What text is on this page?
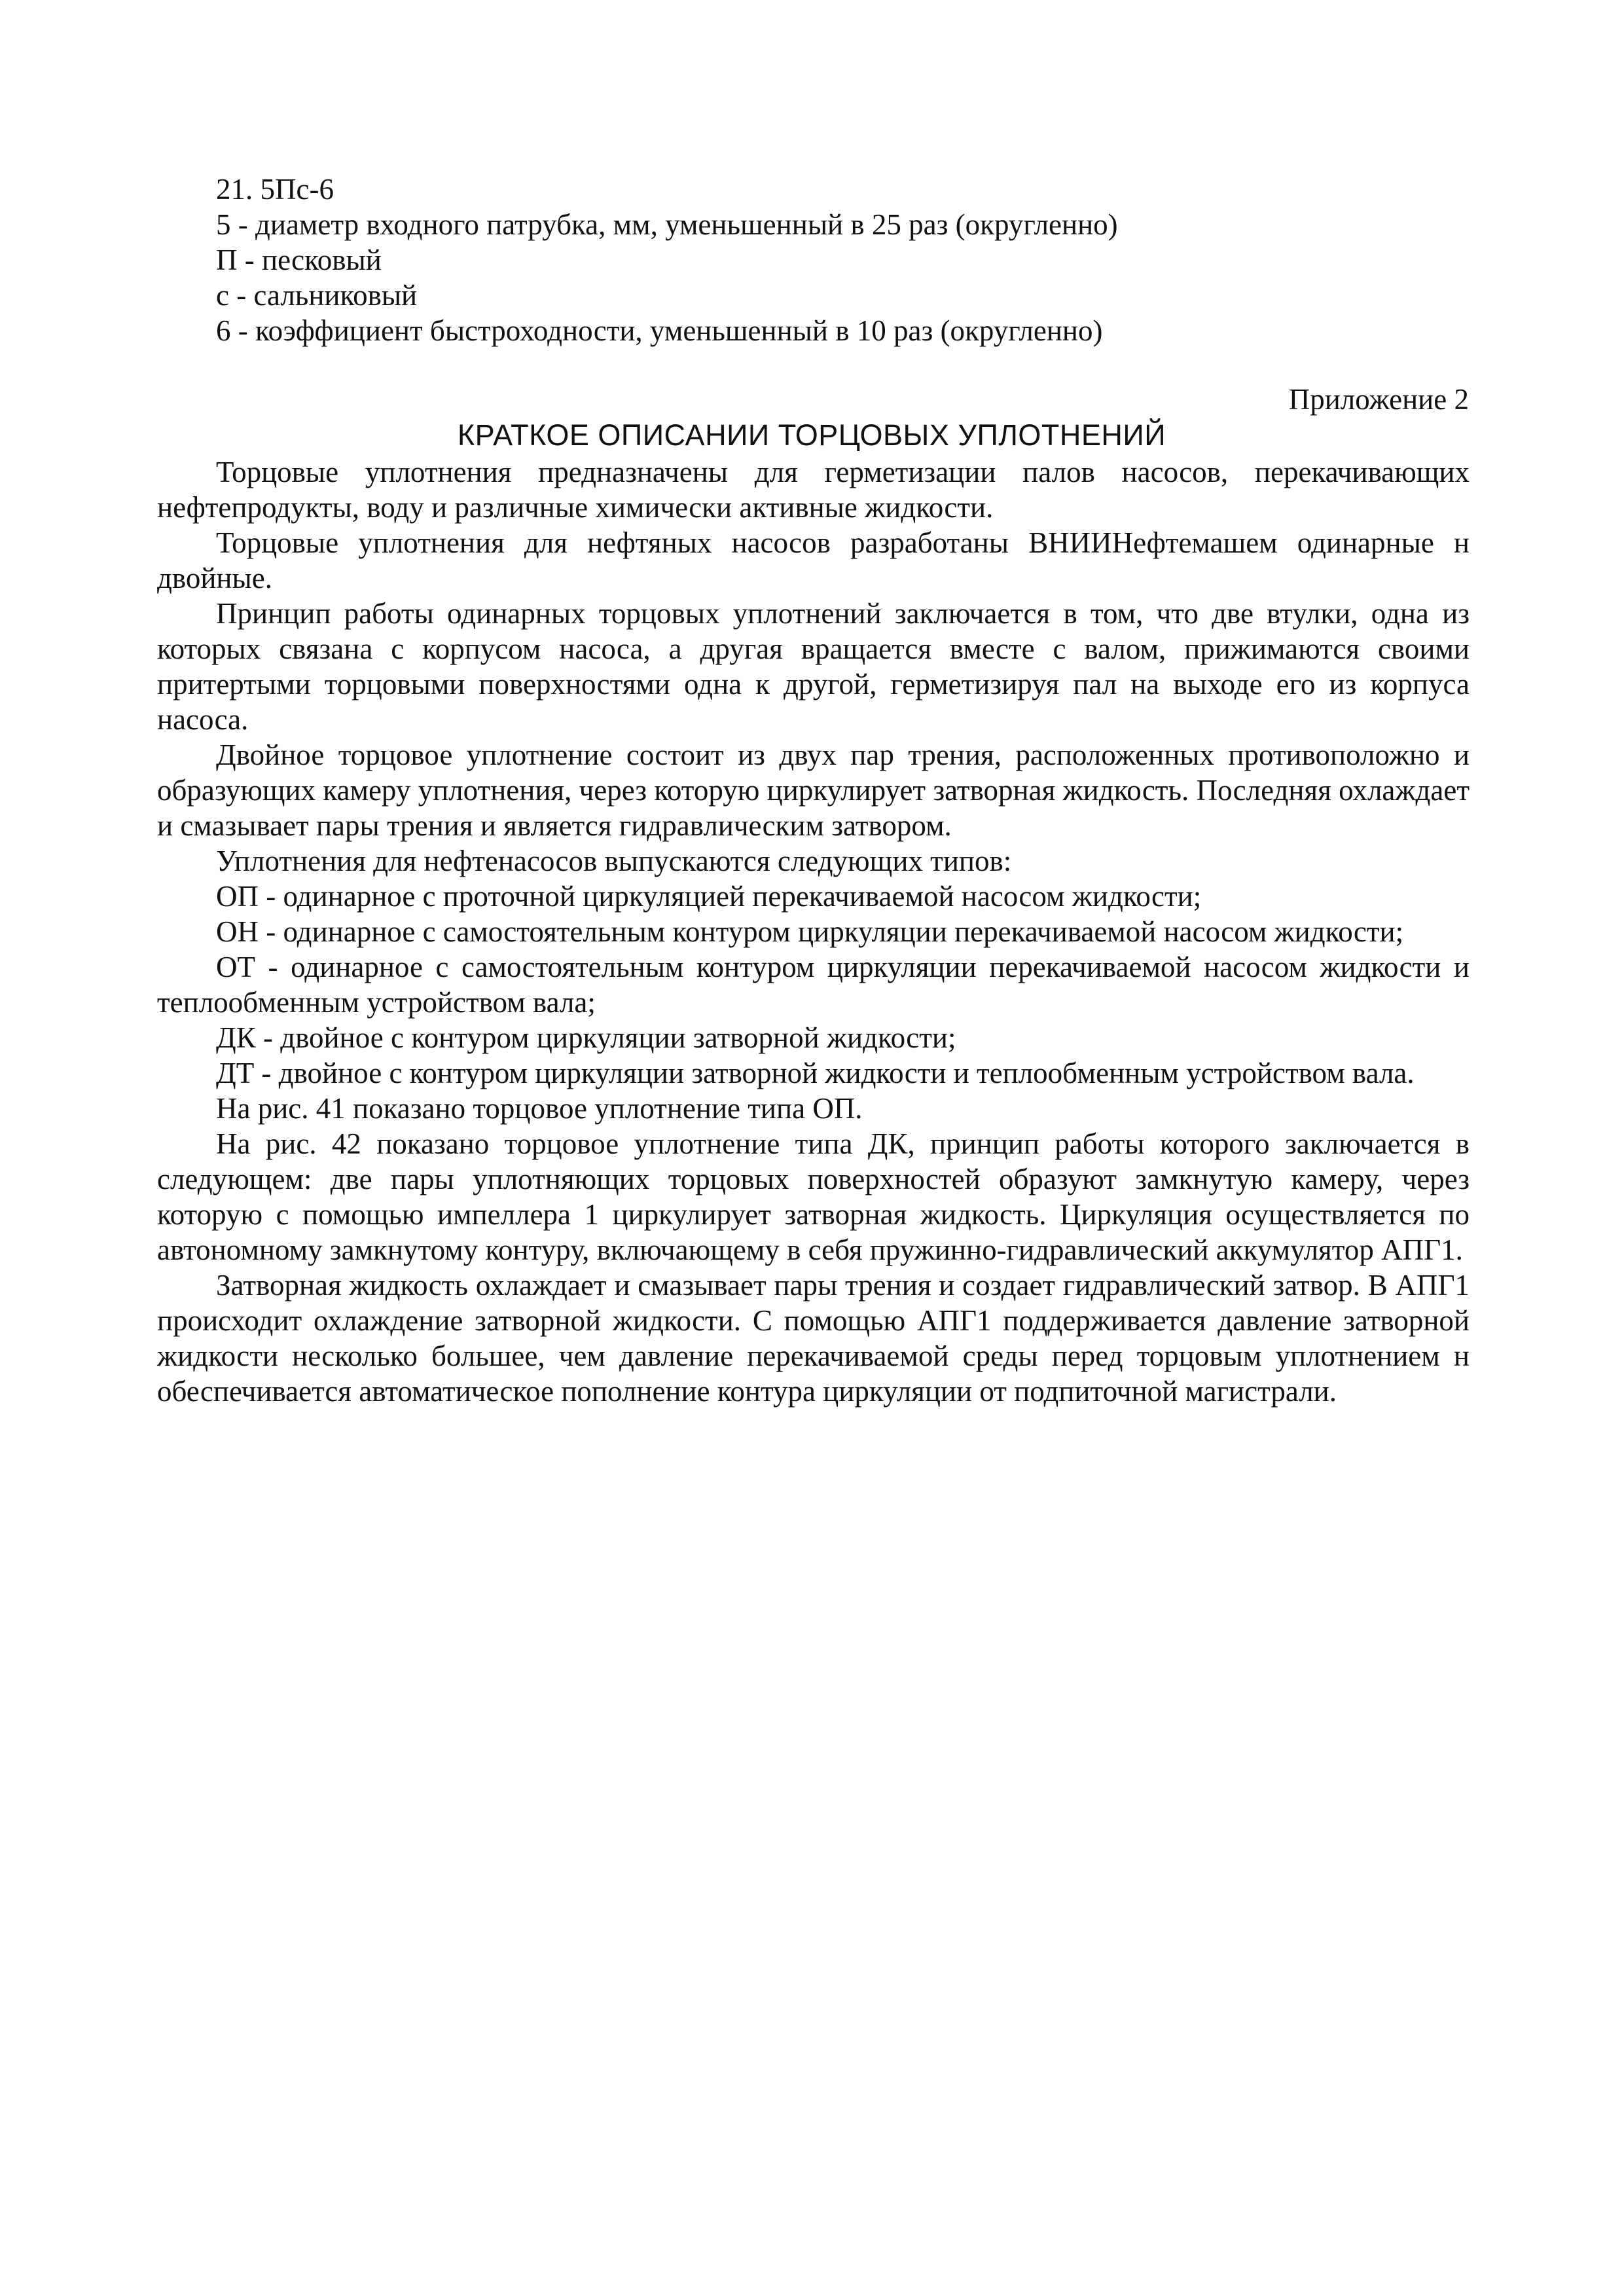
21. 5Пс-6

5 - диаметр входного патрубка, мм, уменьшенный в 25 раз (округленно)

П - песковый

с - сальниковый

6 - коэффициент быстроходности, уменьшенный в 10 раз (округленно)

Приложение 2
КРАТКОЕ ОПИСАНИИ ТОРЦОВЫХ УПЛОТНЕНИЙ

Торцовые уплотнения предназначены для герметизации палов насосов, перекачивающих нефтепродукты, воду и различные химически активные жидкости.

Торцовые уплотнения для нефтяных насосов разработаны ВНИИНефтемашем одинарные н двойные.

Принцип работы одинарных торцовых уплотнений заключается в том, что две втулки, одна из которых связана с корпусом насоса, а другая вращается вместе с валом, прижимаются своими притертыми торцовыми поверхностями одна к другой, герметизируя пал на выходе его из корпуса насоса.

Двойное торцовое уплотнение состоит из двух пар трения, расположенных противоположно и образующих камеру уплотнения, через которую циркулирует затворная жидкость. Последняя охлаждает и смазывает пары трения и является гидравлическим затвором.

Уплотнения для нефтенасосов выпускаются следующих типов:

ОП - одинарное с проточной циркуляцией перекачиваемой насосом жидкости;

ОН - одинарное с самостоятельным контуром циркуляции перекачиваемой насосом жидкости;

ОТ - одинарное с самостоятельным контуром циркуляции перекачиваемой насосом жидкости и теплообменным устройством вала;

ДК - двойное с контуром циркуляции затворной жидкости;

ДТ - двойное с контуром циркуляции затворной жидкости и теплообменным устройством вала.

На рис. 41 показано торцовое уплотнение типа ОП.

На рис. 42 показано торцовое уплотнение типа ДК, принцип работы которого заключается в следующем: две пары уплотняющих торцовых поверхностей образуют замкнутую камеру, через которую с помощью импеллера 1 циркулирует затворная жидкость. Циркуляция осуществляется по автономному замкнутому контуру, включающему в себя пружинно-гидравлический аккумулятор АПГ1.

Затворная жидкость охлаждает и смазывает пары трения и создает гидравлический затвор. В АПГ1 происходит охлаждение затворной жидкости. С помощью АПГ1 поддерживается давление затворной жидкости несколько большее, чем давление перекачиваемой среды перед торцовым уплотнением н обеспечивается автоматическое пополнение контура циркуляции от подпиточной магистрали.
